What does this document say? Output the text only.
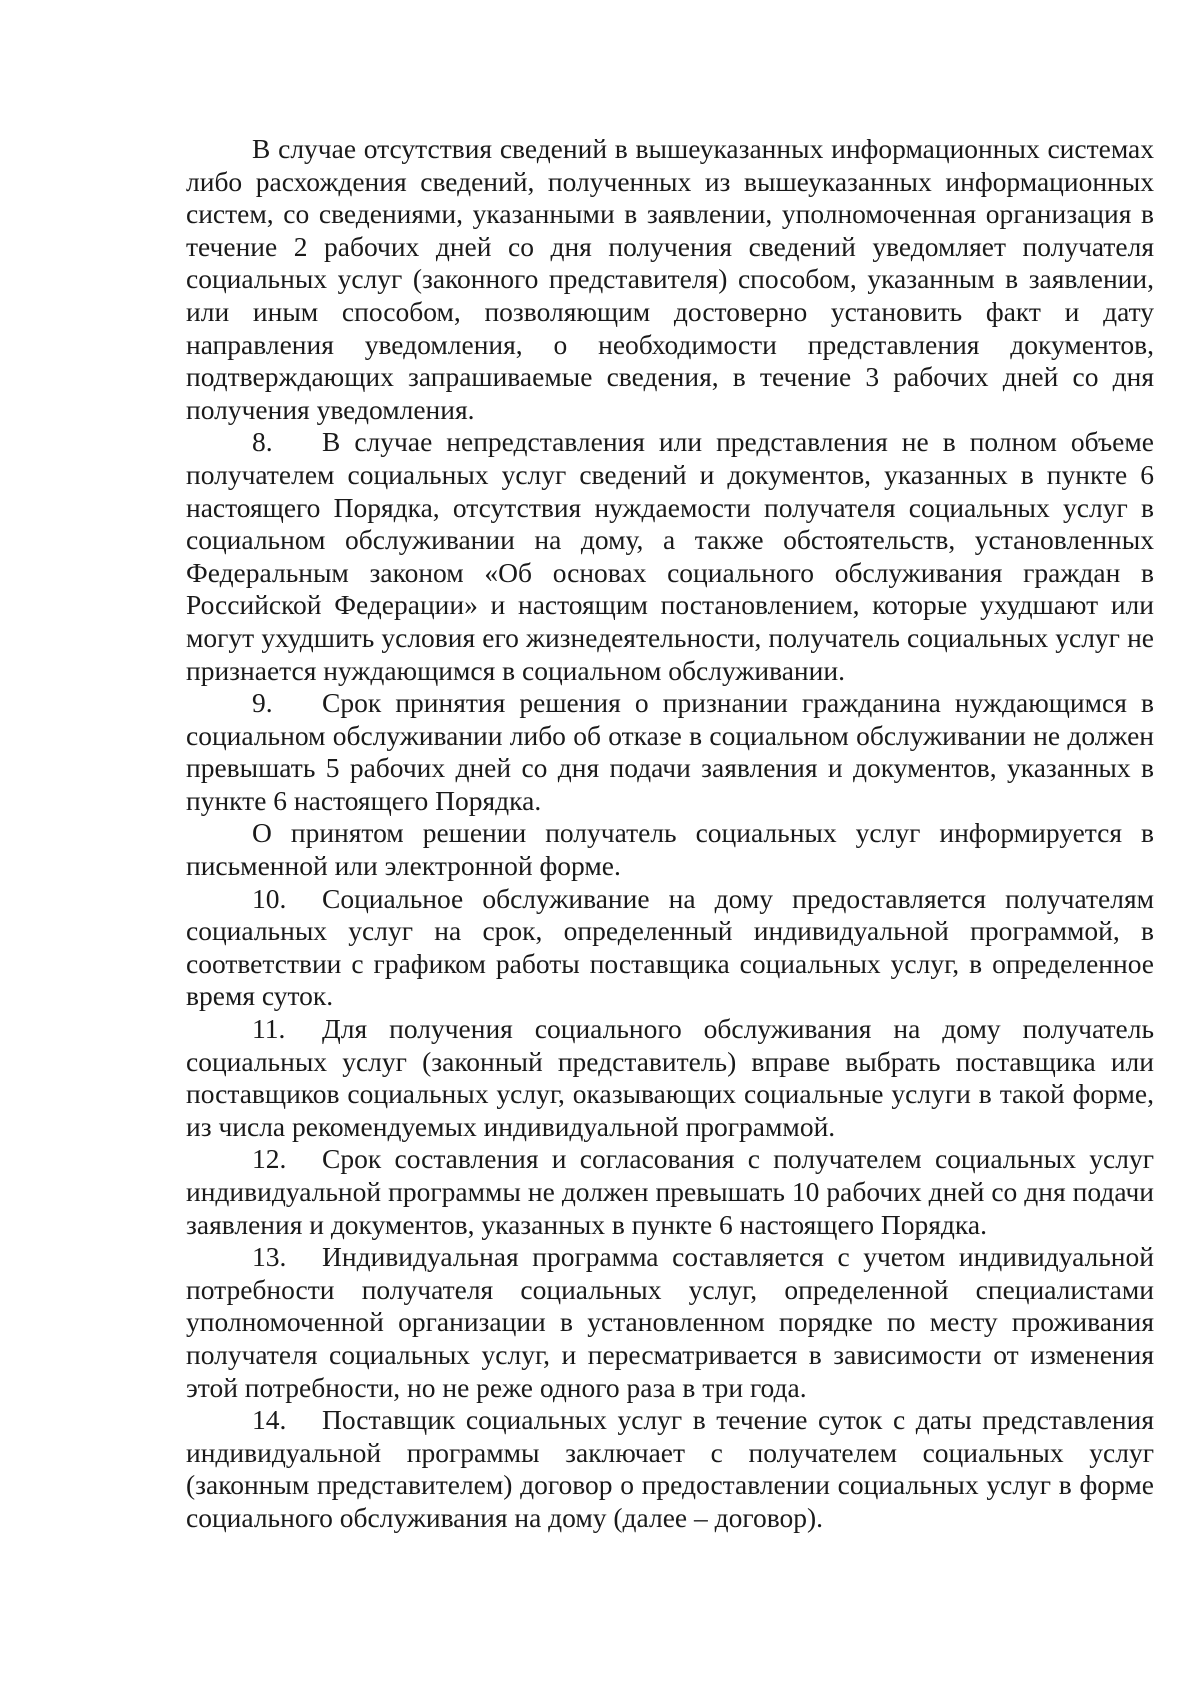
В случае отсутствия сведений в вышеуказанных информационных системах либо расхождения сведений, полученных из вышеуказанных информационных систем, со сведениями, указанными в заявлении, уполномоченная организация в течение 2 рабочих дней со дня получения сведений уведомляет получателя социальных услуг (законного представителя) способом, указанным в заявлении, или иным способом, позволяющим достоверно установить факт и дату направления уведомления, о необходимости представления документов, подтверждающих запрашиваемые сведения, в течение 3 рабочих дней со дня получения уведомления.

8. В случае непредставления или представления не в полном объеме получателем социальных услуг сведений и документов, указанных в пункте 6 настоящего Порядка, отсутствия нуждаемости получателя социальных услуг в социальном обслуживании на дому, а также обстоятельств, установленных Федеральным законом «Об основах социального обслуживания граждан в Российской Федерации» и настоящим постановлением, которые ухудшают или могут ухудшить условия его жизнедеятельности, получатель социальных услуг не признается нуждающимся в социальном обслуживании.

9. Срок принятия решения о признании гражданина нуждающимся в социальном обслуживании либо об отказе в социальном обслуживании не должен превышать 5 рабочих дней со дня подачи заявления и документов, указанных в пункте 6 настоящего Порядка.

О принятом решении получатель социальных услуг информируется в письменной или электронной форме.

10. Социальное обслуживание на дому предоставляется получателям социальных услуг на срок, определенный индивидуальной программой, в соответствии с графиком работы поставщика социальных услуг, в определенное время суток.

11. Для получения социального обслуживания на дому получатель социальных услуг (законный представитель) вправе выбрать поставщика или поставщиков социальных услуг, оказывающих социальные услуги в такой форме, из числа рекомендуемых индивидуальной программой.

12. Срок составления и согласования с получателем социальных услуг индивидуальной программы не должен превышать 10 рабочих дней со дня подачи заявления и документов, указанных в пункте 6 настоящего Порядка.

13. Индивидуальная программа составляется с учетом индивидуальной потребности получателя социальных услуг, определенной специалистами уполномоченной организации в установленном порядке по месту проживания получателя социальных услуг, и пересматривается в зависимости от изменения этой потребности, но не реже одного раза в три года.

14. Поставщик социальных услуг в течение суток с даты представления индивидуальной программы заключает с получателем социальных услуг (законным представителем) договор о предоставлении социальных услуг в форме социального обслуживания на дому (далее – договор).
